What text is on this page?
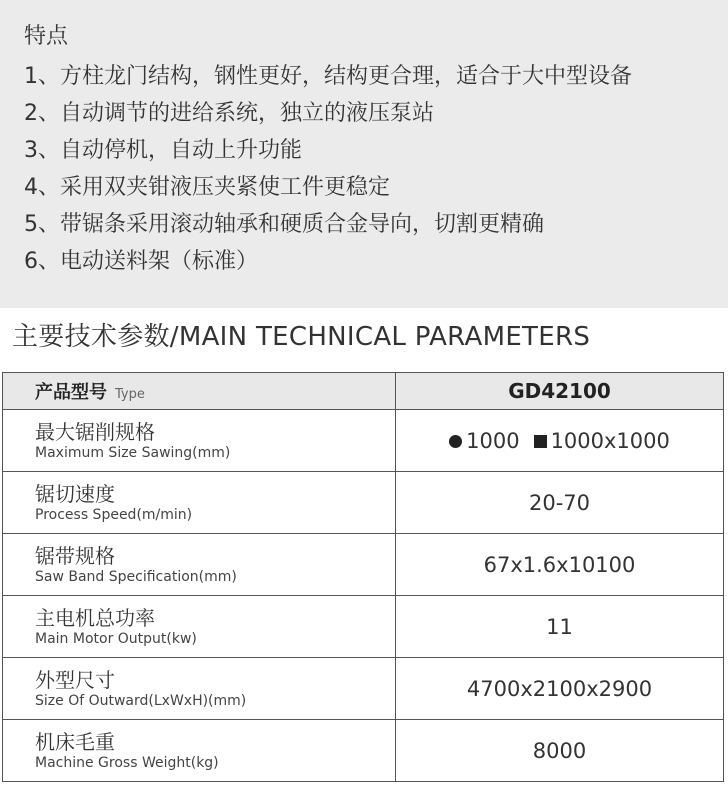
特点
1、方柱龙门结构，钢性更好，结构更合理，适合于大中型设备
2、自动调节的进给系统，独立的液压泵站
3、自动停机，自动上升功能
4、采用双夹钳液压夹紧使工件更稳定
5、带锯条采用滚动轴承和硬质合金导向，切割更精确
6、电动送料架（标准）
主要技术参数/MAIN TECHNICAL PARAMETERS
产品型号 Type	GD42100

最大锯削规格
Maximum Size Sawing(mm)	1000 1000x1000

锯切速度
Process Speed(m/min)	20-70

锯带规格
Saw Band Specification(mm)	67x1.6x10100

主电机总功率
Main Motor Output(kw)	11

外型尺寸
Size Of Outward(LxWxH)(mm)	4700x2100x2900

机床毛重
Machine Gross Weight(kg)	8000
